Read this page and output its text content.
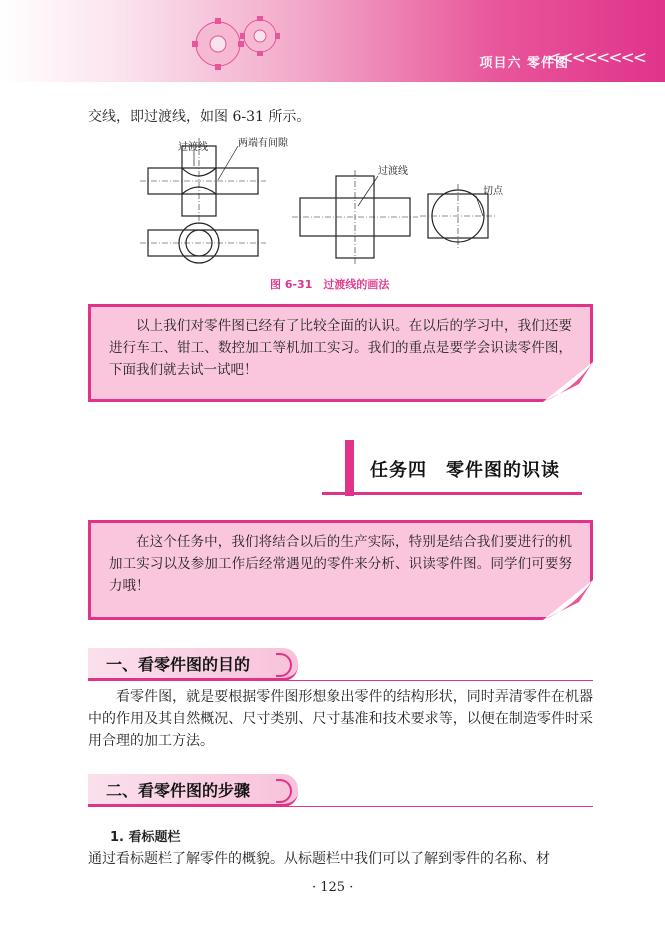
项目六 零件图
<<<<<<<<

交线，即过渡线，如图 6-31 所示。

过渡线	两端有间隙
过渡线
切点
图 6-31　过渡线的画法

以上我们对零件图已经有了比较全面的认识。在以后的学习中，我们还要进行车工、钳工、数控加工等机加工实习。我们的重点是要学会识读零件图，下面我们就去试一试吧！

任务四　零件图的识读

在这个任务中，我们将结合以后的生产实际，特别是结合我们要进行的机加工实习以及参加工作后经常遇见的零件来分析、识读零件图。同学们可要努力哦！

一、看零件图的目的

看零件图，就是要根据零件图形想象出零件的结构形状，同时弄清零件在机器中的作用及其自然概况、尺寸类别、尺寸基准和技术要求等，以便在制造零件时采用合理的加工方法。

二、看零件图的步骤
1. 看标题栏

通过看标题栏了解零件的概貌。从标题栏中我们可以了解到零件的名称、材

· 125 ·
